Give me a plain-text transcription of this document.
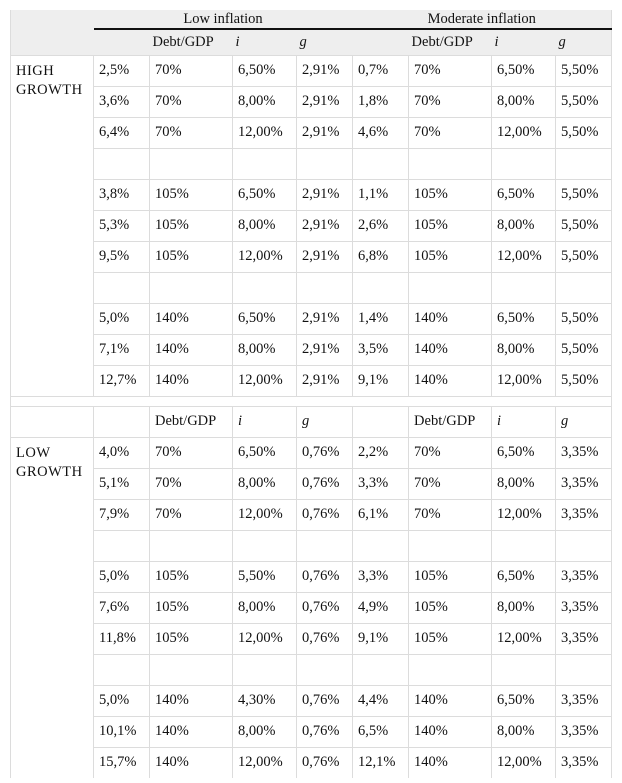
	Low inflation				Moderate inflation			
		Debt/GDP	i	g		Debt/GDP	i	g
HIGH GROWTH	2,5%	70%	6,50%	2,91%	0,7%	70%	6,50%	5,50%
	3,6%	70%	8,00%	2,91%	1,8%	70%	8,00%	5,50%
	6,4%	70%	12,00%	2,91%	4,6%	70%	12,00%	5,50%

	3,8%	105%	6,50%	2,91%	1,1%	105%	6,50%	5,50%
	5,3%	105%	8,00%	2,91%	2,6%	105%	8,00%	5,50%
	9,5%	105%	12,00%	2,91%	6,8%	105%	12,00%	5,50%

	5,0%	140%	6,50%	2,91%	1,4%	140%	6,50%	5,50%
	7,1%	140%	8,00%	2,91%	3,5%	140%	8,00%	5,50%
	12,7%	140%	12,00%	2,91%	9,1%	140%	12,00%	5,50%

		Debt/GDP	i	g		Debt/GDP	i	g
LOW GROWTH	4,0%	70%	6,50%	0,76%	2,2%	70%	6,50%	3,35%
	5,1%	70%	8,00%	0,76%	3,3%	70%	8,00%	3,35%
	7,9%	70%	12,00%	0,76%	6,1%	70%	12,00%	3,35%

	5,0%	105%	5,50%	0,76%	3,3%	105%	6,50%	3,35%
	7,6%	105%	8,00%	0,76%	4,9%	105%	8,00%	3,35%
	11,8%	105%	12,00%	0,76%	9,1%	105%	12,00%	3,35%

	5,0%	140%	4,30%	0,76%	4,4%	140%	6,50%	3,35%
	10,1%	140%	8,00%	0,76%	6,5%	140%	8,00%	3,35%
	15,7%	140%	12,00%	0,76%	12,1%	140%	12,00%	3,35%
